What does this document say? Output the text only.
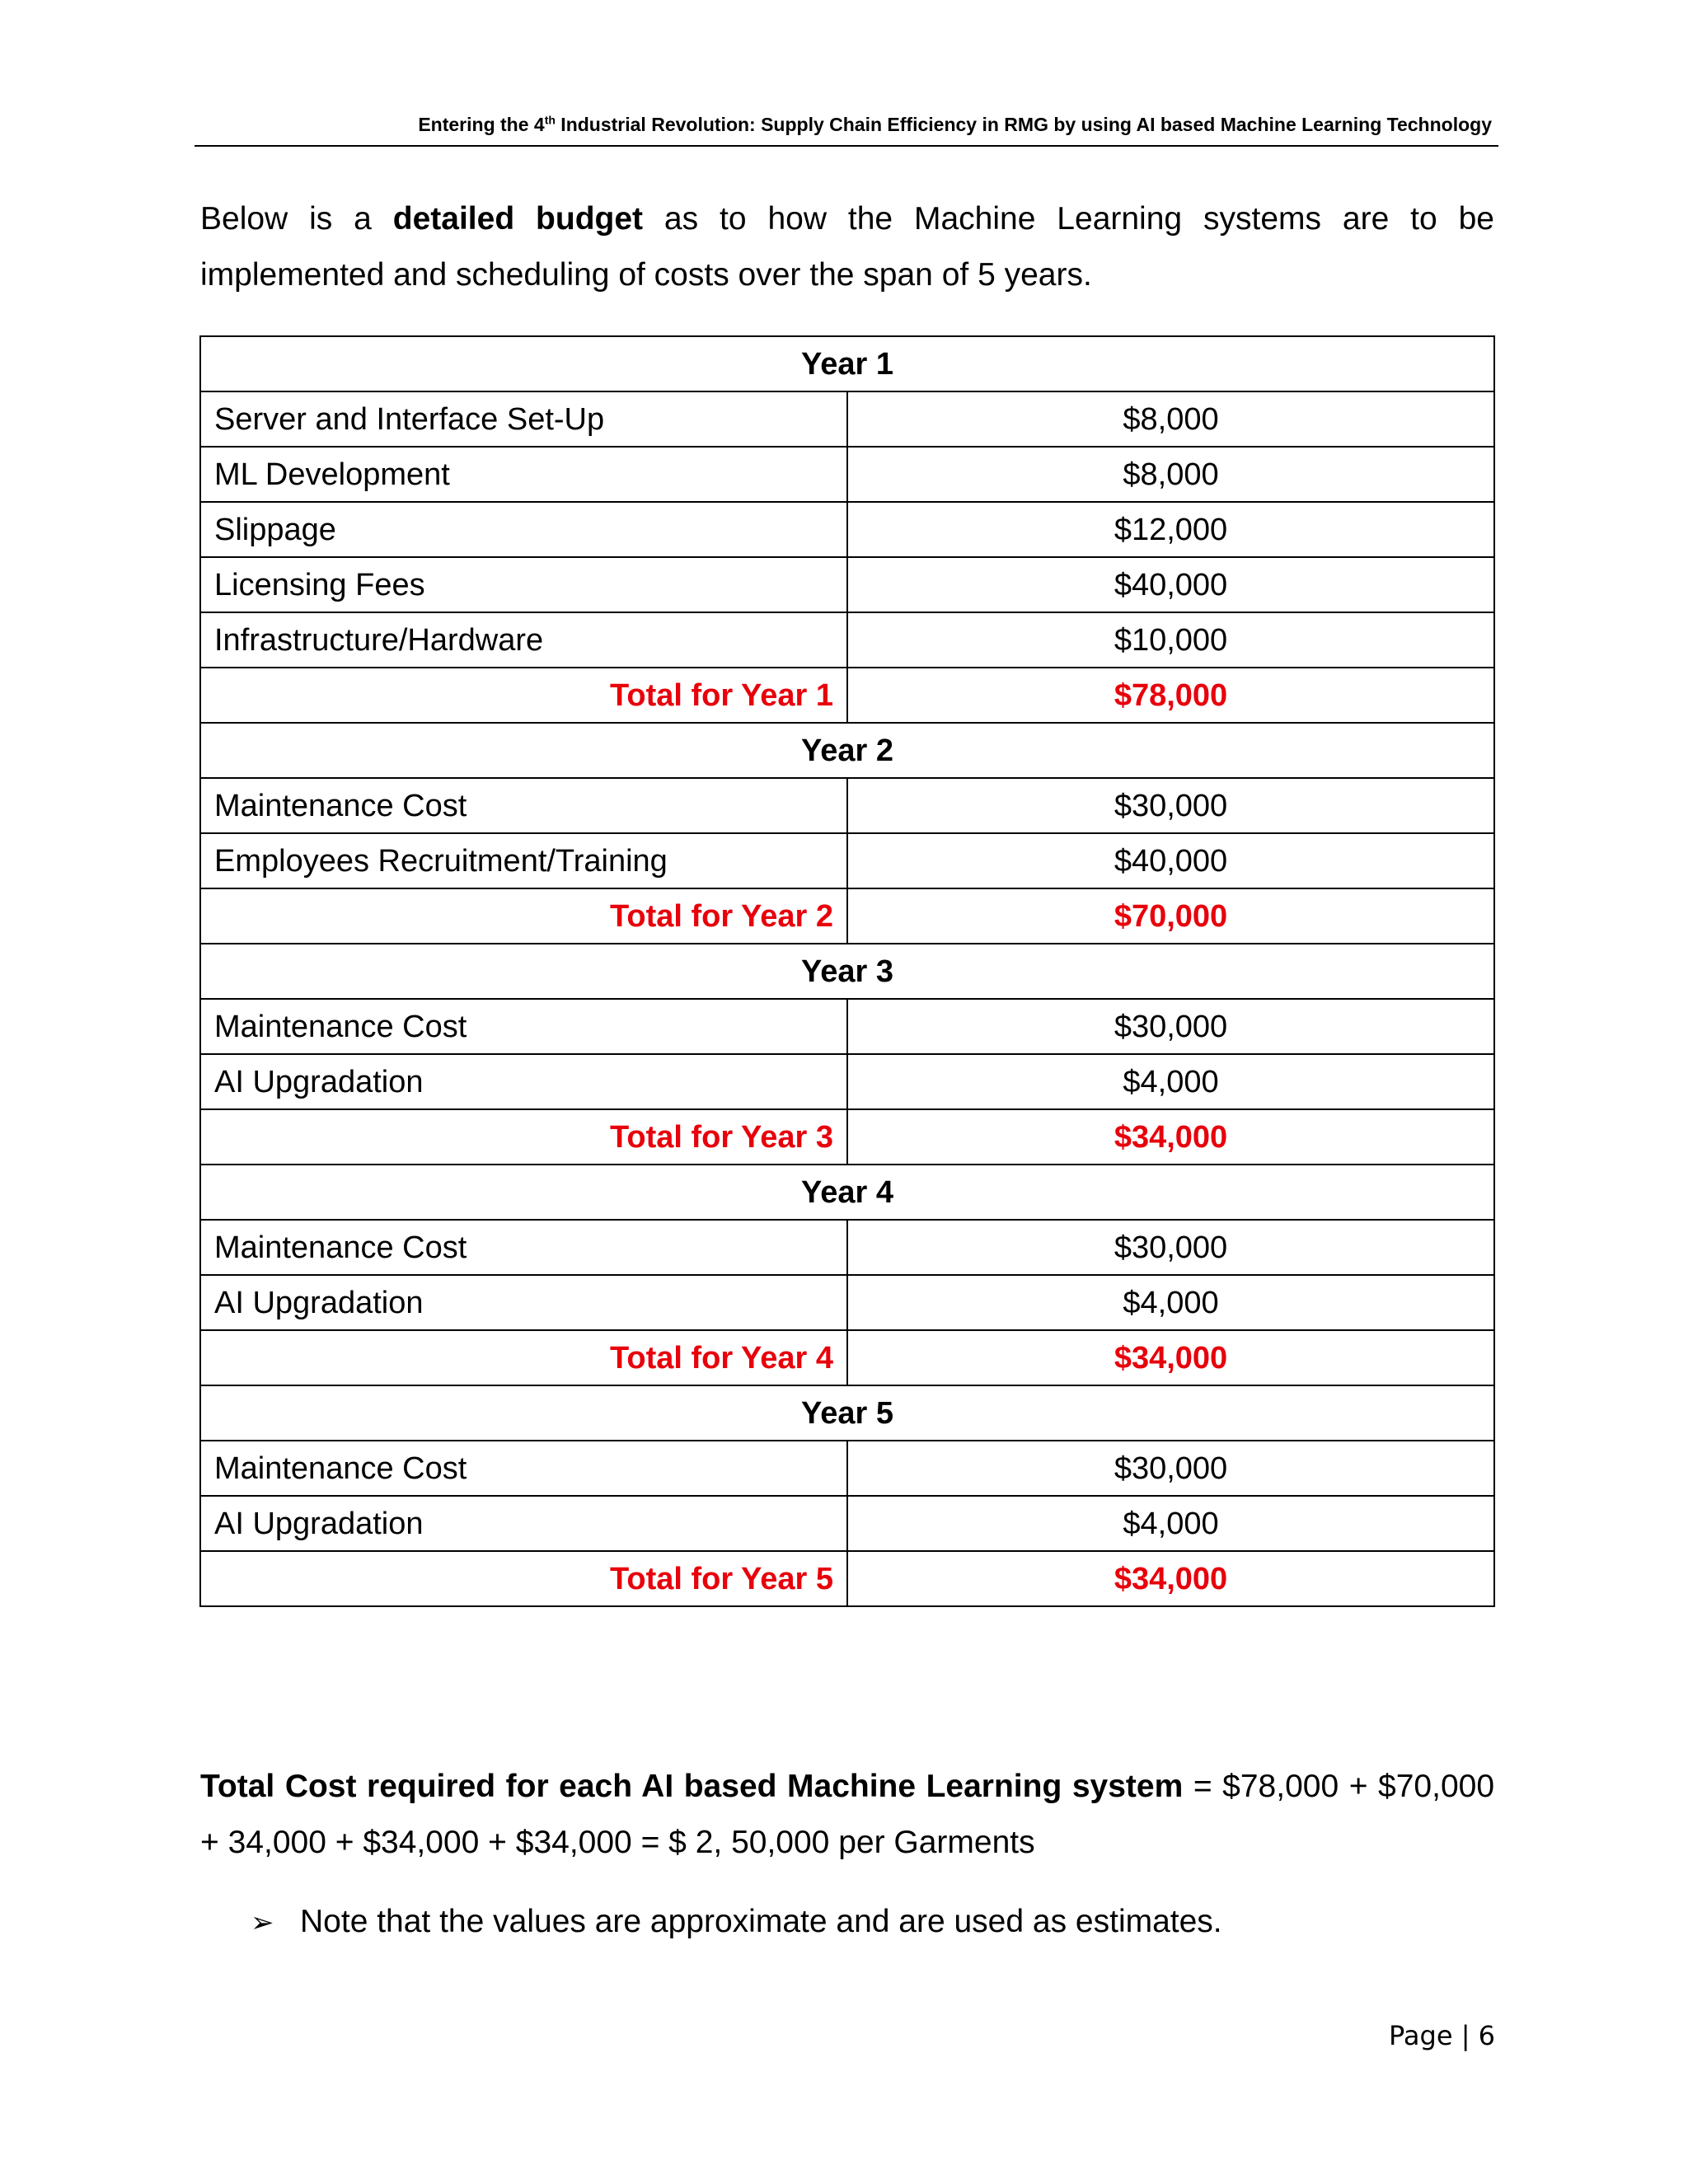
Entering the 4th Industrial Revolution: Supply Chain Efficiency in RMG by using AI based Machine Learning Technology

Below is a detailed budget as to how the Machine Learning systems are to be implemented and scheduling of costs over the span of 5 years.

Year 1	
Server and Interface Set-Up	$8,000
ML Development	$8,000
Slippage	$12,000
Licensing Fees	$40,000
Infrastructure/Hardware	$10,000
Total for Year 1	$78,000
Year 2	
Maintenance Cost	$30,000
Employees Recruitment/Training	$40,000
Total for Year 2	$70,000
Year 3	
Maintenance Cost	$30,000
AI Upgradation	$4,000
Total for Year 3	$34,000
Year 4	
Maintenance Cost	$30,000
AI Upgradation	$4,000
Total for Year 4	$34,000
Year 5	
Maintenance Cost	$30,000
AI Upgradation	$4,000
Total for Year 5	$34,000

Total Cost required for each AI based Machine Learning system = $78,000 + $70,000 + 34,000 + $34,000 + $34,000 = $ 2, 50,000 per Garments

➢ Note that the values are approximate and are used as estimates.
Page | 6
